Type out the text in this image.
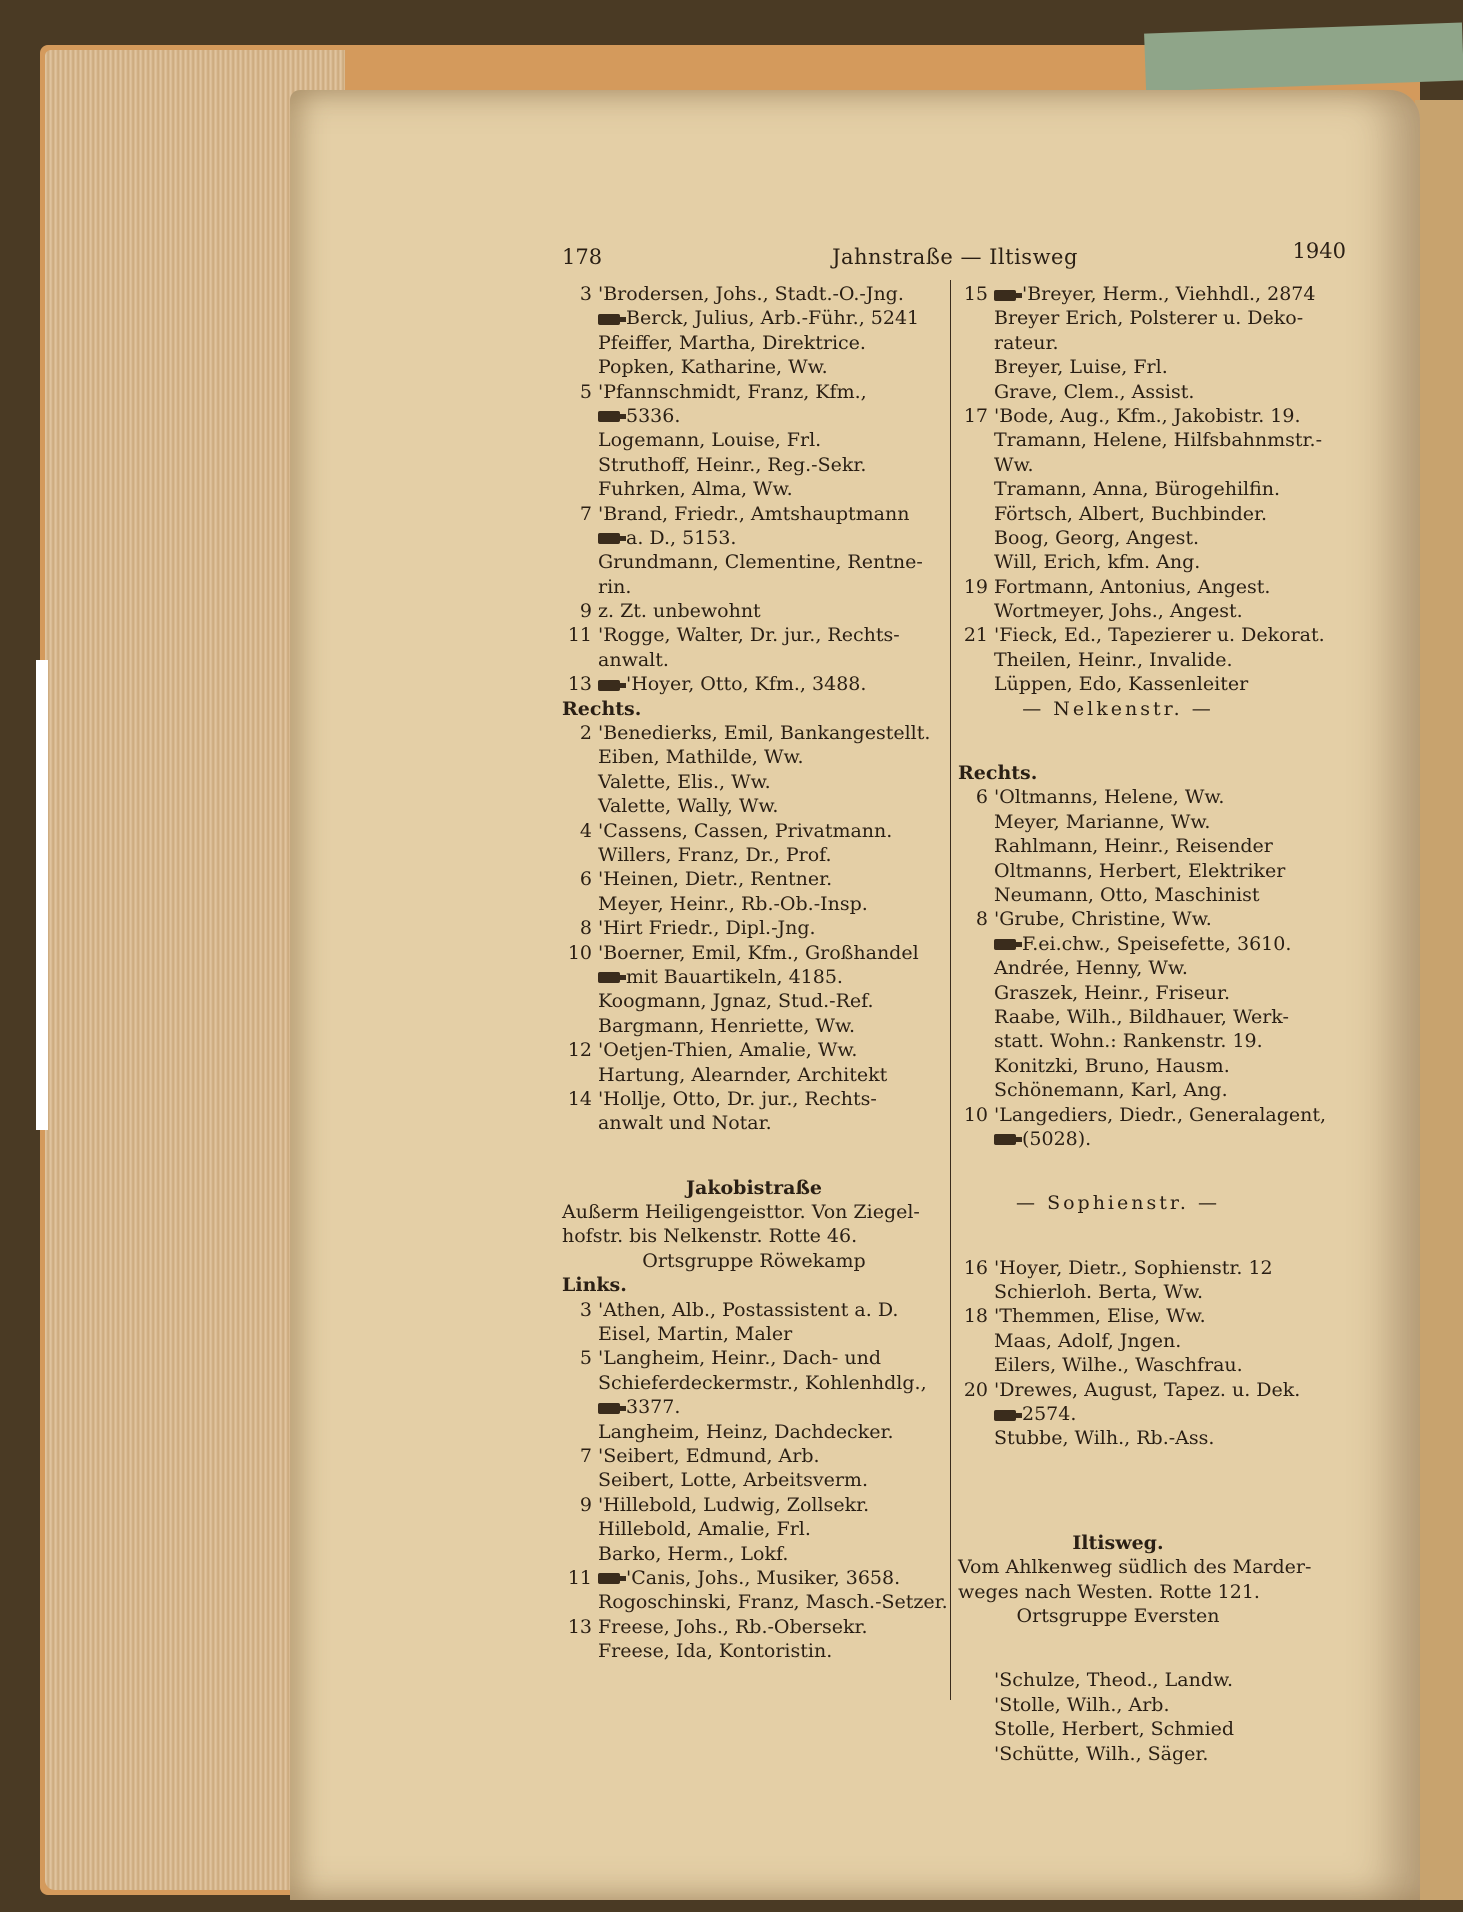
178	Jahnstraße — Iltisweg	1940
3 'Brodersen, Johs., Stadt.-O.-Jng.
Berck, Julius, Arb.-Führ., 5241
Pfeiffer, Martha, Direktrice.
Popken, Katharine, Ww.
5 'Pfannschmidt, Franz, Kfm.,
5336.
Logemann, Louise, Frl.
Struthoff, Heinr., Reg.-Sekr.
Fuhrken, Alma, Ww.
7 'Brand, Friedr., Amtshauptmann
a. D., 5153.
Grundmann, Clementine, Rentne-
rin.
9 z. Zt. unbewohnt
11 'Rogge, Walter, Dr. jur., Rechts-
anwalt.
13 'Hoyer, Otto, Kfm., 3488.
Rechts.
2 'Benedierks, Emil, Bankangestellt.
Eiben, Mathilde, Ww.
Valette, Elis., Ww.
Valette, Wally, Ww.
4 'Cassens, Cassen, Privatmann.
Willers, Franz, Dr., Prof.
6 'Heinen, Dietr., Rentner.
Meyer, Heinr., Rb.-Ob.-Insp.
8 'Hirt Friedr., Dipl.-Jng.
10 'Boerner, Emil, Kfm., Großhandel
mit Bauartikeln, 4185.
Koogmann, Jgnaz, Stud.-Ref.
Bargmann, Henriette, Ww.
12 'Oetjen-Thien, Amalie, Ww.
Hartung, Alearnder, Architekt
14 'Hollje, Otto, Dr. jur., Rechts-
anwalt und Notar.
Jakobistraße
Außerm Heiligengeisttor. Von Ziegel-
hofstr. bis Nelkenstr. Rotte 46.
Ortsgruppe Röwekamp
Links.
3 'Athen, Alb., Postassistent a. D.
Eisel, Martin, Maler
5 'Langheim, Heinr., Dach- und
Schieferdeckermstr., Kohlenhdlg.,
3377.
Langheim, Heinz, Dachdecker.
7 'Seibert, Edmund, Arb.
Seibert, Lotte, Arbeitsverm.
9 'Hillebold, Ludwig, Zollsekr.
Hillebold, Amalie, Frl.
Barko, Herm., Lokf.
11 'Canis, Johs., Musiker, 3658.
Rogoschinski, Franz, Masch.-Setzer.
13 Freese, Johs., Rb.-Obersekr.
Freese, Ida, Kontoristin.
15 'Breyer, Herm., Viehhdl., 2874
Breyer Erich, Polsterer u. Deko-
rateur.
Breyer, Luise, Frl.
Grave, Clem., Assist.
17 'Bode, Aug., Kfm., Jakobistr. 19.
Tramann, Helene, Hilfsbahnmstr.-
Ww.
Tramann, Anna, Bürogehilfin.
Förtsch, Albert, Buchbinder.
Boog, Georg, Angest.
Will, Erich, kfm. Ang.
19 Fortmann, Antonius, Angest.
Wortmeyer, Johs., Angest.
21 'Fieck, Ed., Tapezierer u. Dekorat.
Theilen, Heinr., Invalide.
Lüppen, Edo, Kassenleiter
— Nelkenstr. —
Rechts.
6 'Oltmanns, Helene, Ww.
Meyer, Marianne, Ww.
Rahlmann, Heinr., Reisender
Oltmanns, Herbert, Elektriker
Neumann, Otto, Maschinist
8 'Grube, Christine, Ww.
F.ei.chw., Speisefette, 3610.
Andrée, Henny, Ww.
Graszek, Heinr., Friseur.
Raabe, Wilh., Bildhauer, Werk-
statt. Wohn.: Rankenstr. 19.
Konitzki, Bruno, Hausm.
Schönemann, Karl, Ang.
10 'Langediers, Diedr., Generalagent,
(5028).
— Sophienstr. —
16 'Hoyer, Dietr., Sophienstr. 12
Schierloh. Berta, Ww.
18 'Themmen, Elise, Ww.
Maas, Adolf, Jngen.
Eilers, Wilhe., Waschfrau.
20 'Drewes, August, Tapez. u. Dek.
2574.
Stubbe, Wilh., Rb.-Ass.
Iltisweg.
Vom Ahlkenweg südlich des Marder-
weges nach Westen. Rotte 121.
Ortsgruppe Eversten
'Schulze, Theod., Landw.
'Stolle, Wilh., Arb.
Stolle, Herbert, Schmied
'Schütte, Wilh., Säger.
